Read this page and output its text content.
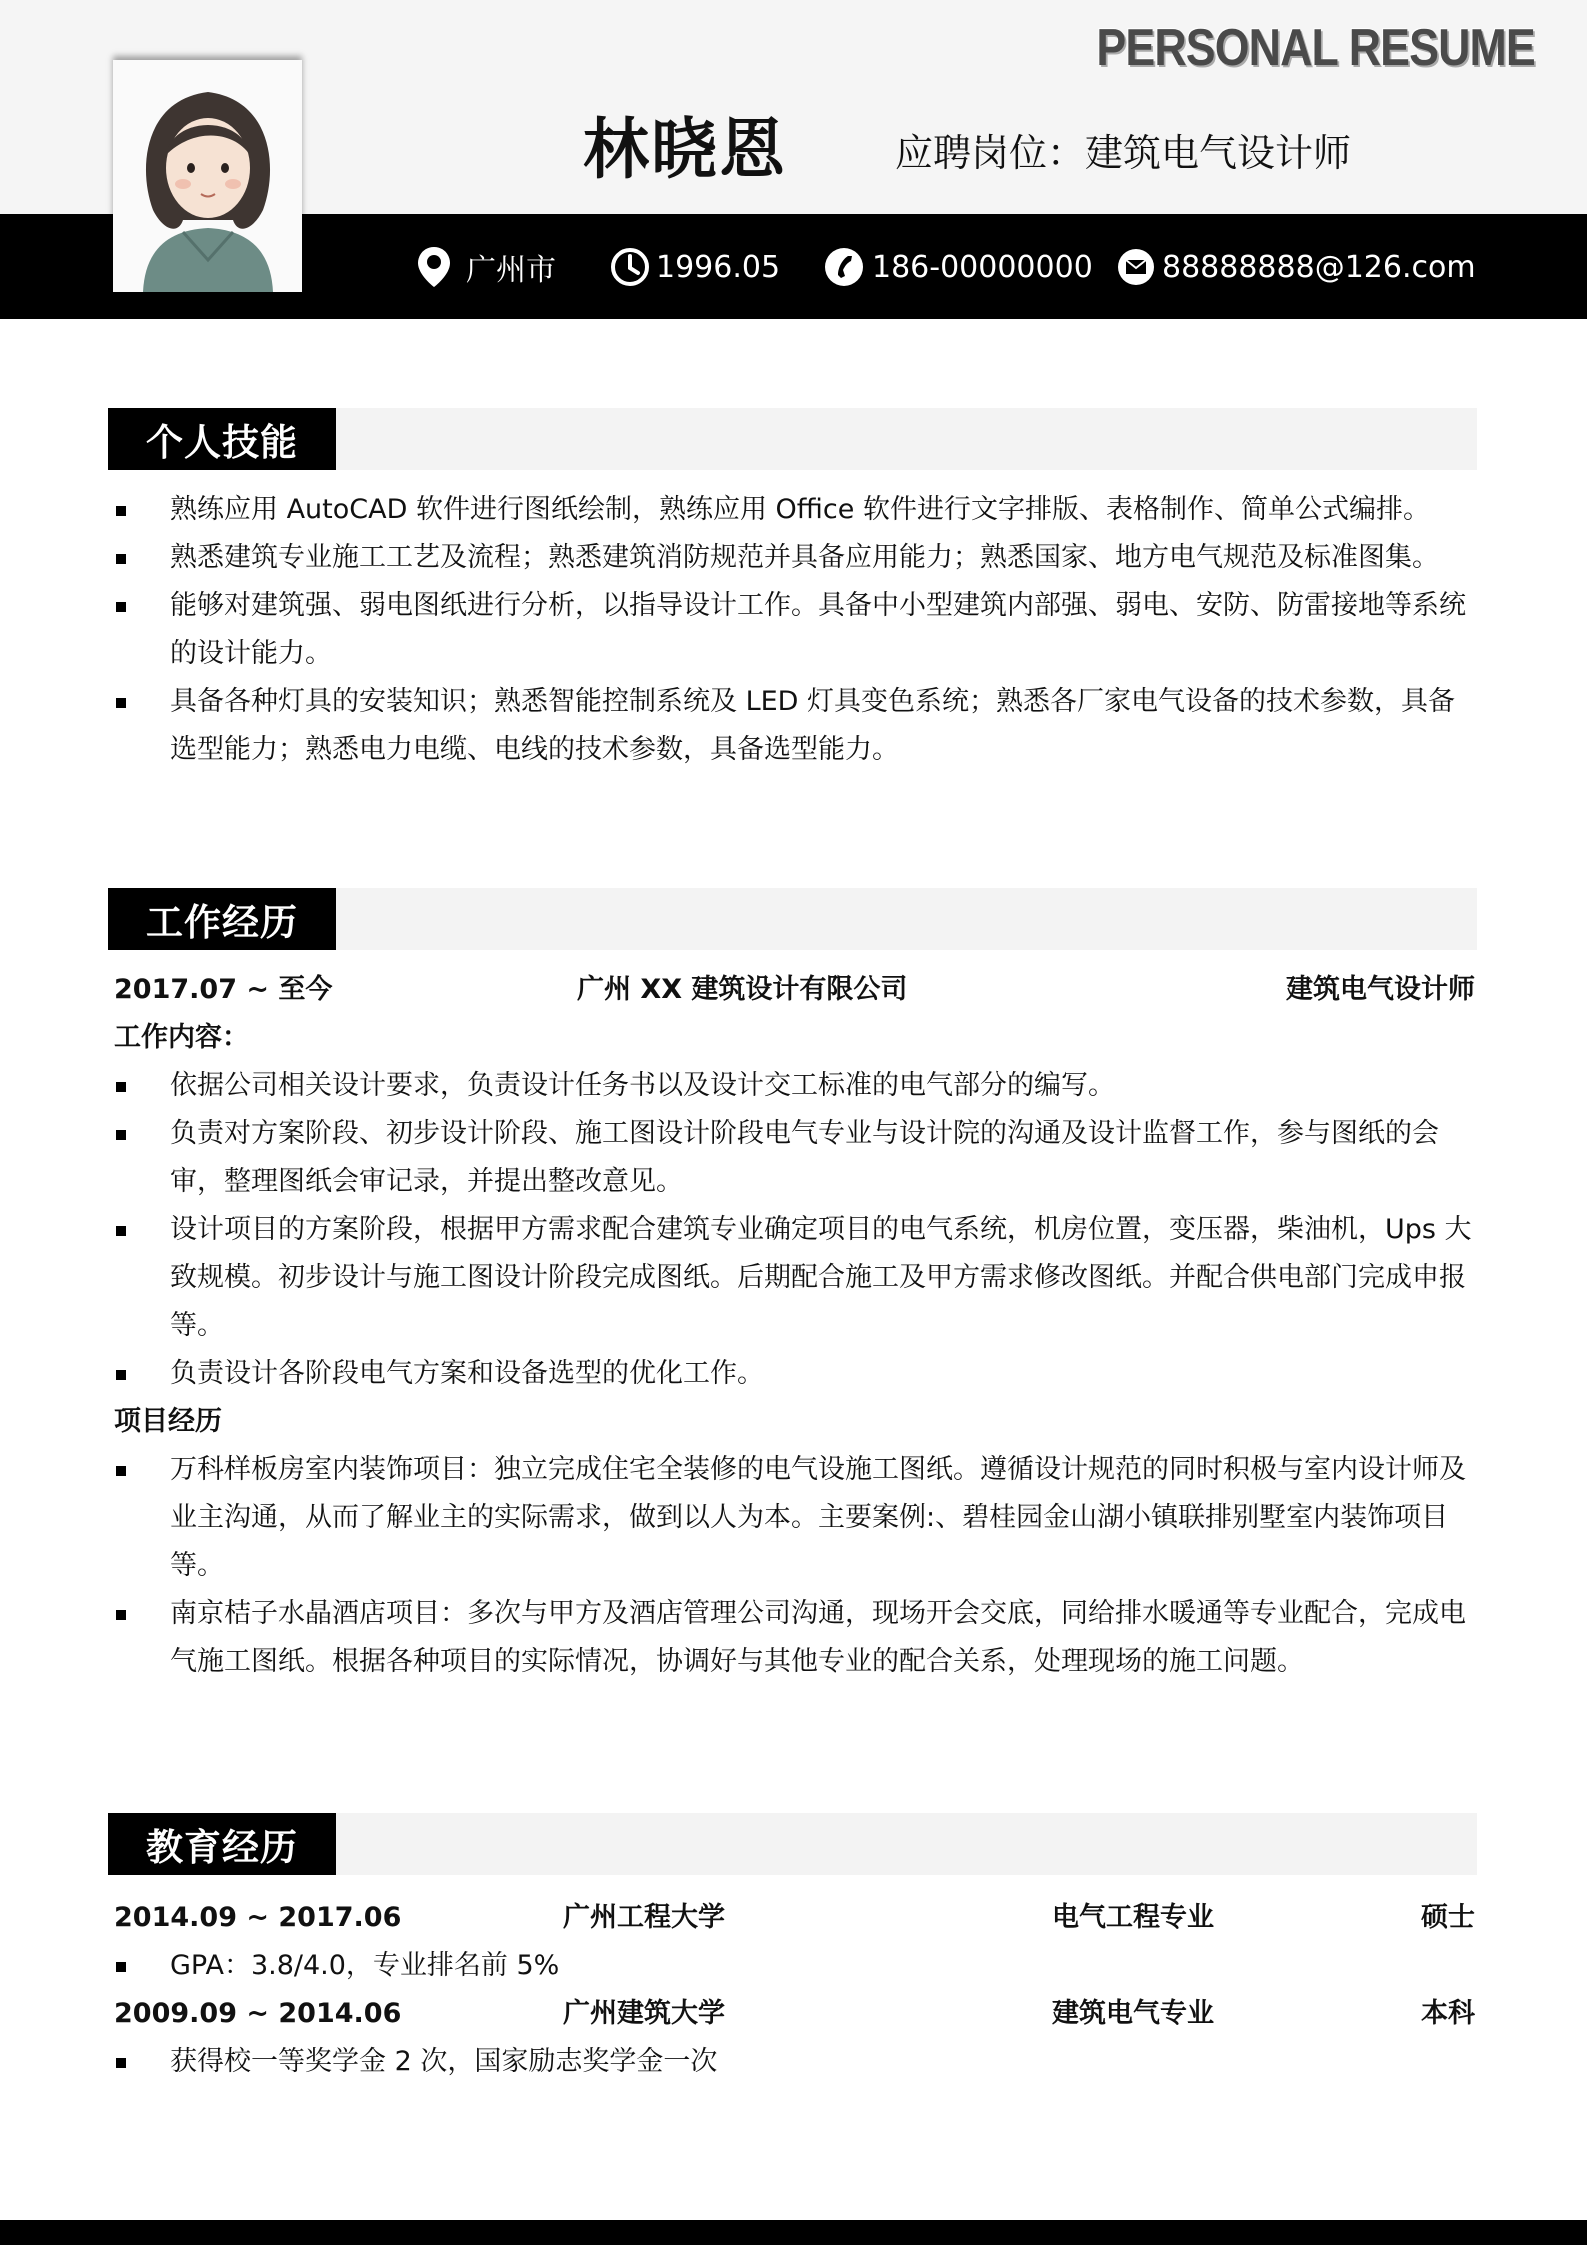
PERSONAL RESUME
林晓恩	应聘岗位：建筑电气设计师
广州市	1996.05	186-00000000 88888888@126.com
个人技能
熟练应用 AutoCAD 软件进行图纸绘制，熟练应用 Office 软件进行文字排版、表格制作、简单公式编排。
熟悉建筑专业施工工艺及流程；熟悉建筑消防规范并具备应用能力；熟悉国家、地方电气规范及标准图集。
能够对建筑强、弱电图纸进行分析，以指导设计工作。具备中小型建筑内部强、弱电、安防、防雷接地等系统的设计能力。
具备各种灯具的安装知识；熟悉智能控制系统及 LED 灯具变色系统；熟悉各厂家电气设备的技术参数，具备选型能力；熟悉电力电缆、电线的技术参数，具备选型能力。
工作经历
2017.07 ~ 至今	广州 XX 建筑设计有限公司	建筑电气设计师
工作内容：
依据公司相关设计要求，负责设计任务书以及设计交工标准的电气部分的编写。
负责对方案阶段、初步设计阶段、施工图设计阶段电气专业与设计院的沟通及设计监督工作，参与图纸的会审，整理图纸会审记录，并提出整改意见。
设计项目的方案阶段，根据甲方需求配合建筑专业确定项目的电气系统，机房位置，变压器，柴油机，Ups 大致规模。初步设计与施工图设计阶段完成图纸。后期配合施工及甲方需求修改图纸。并配合供电部门完成申报等。
负责设计各阶段电气方案和设备选型的优化工作。
项目经历
万科样板房室内装饰项目：独立完成住宅全装修的电气设施工图纸。遵循设计规范的同时积极与室内设计师及业主沟通，从而了解业主的实际需求，做到以人为本。主要案例:、碧桂园金山湖小镇联排别墅室内装饰项目等。
南京桔子水晶酒店项目：多次与甲方及酒店管理公司沟通，现场开会交底，同给排水暖通等专业配合，完成电气施工图纸。根据各种项目的实际情况，协调好与其他专业的配合关系，处理现场的施工问题。
教育经历
2014.09 ~ 2017.06	广州工程大学	电气工程专业	硕士
GPA：3.8/4.0，专业排名前 5%
2009.09 ~ 2014.06	广州建筑大学	建筑电气专业	本科
获得校一等奖学金 2 次，国家励志奖学金一次
